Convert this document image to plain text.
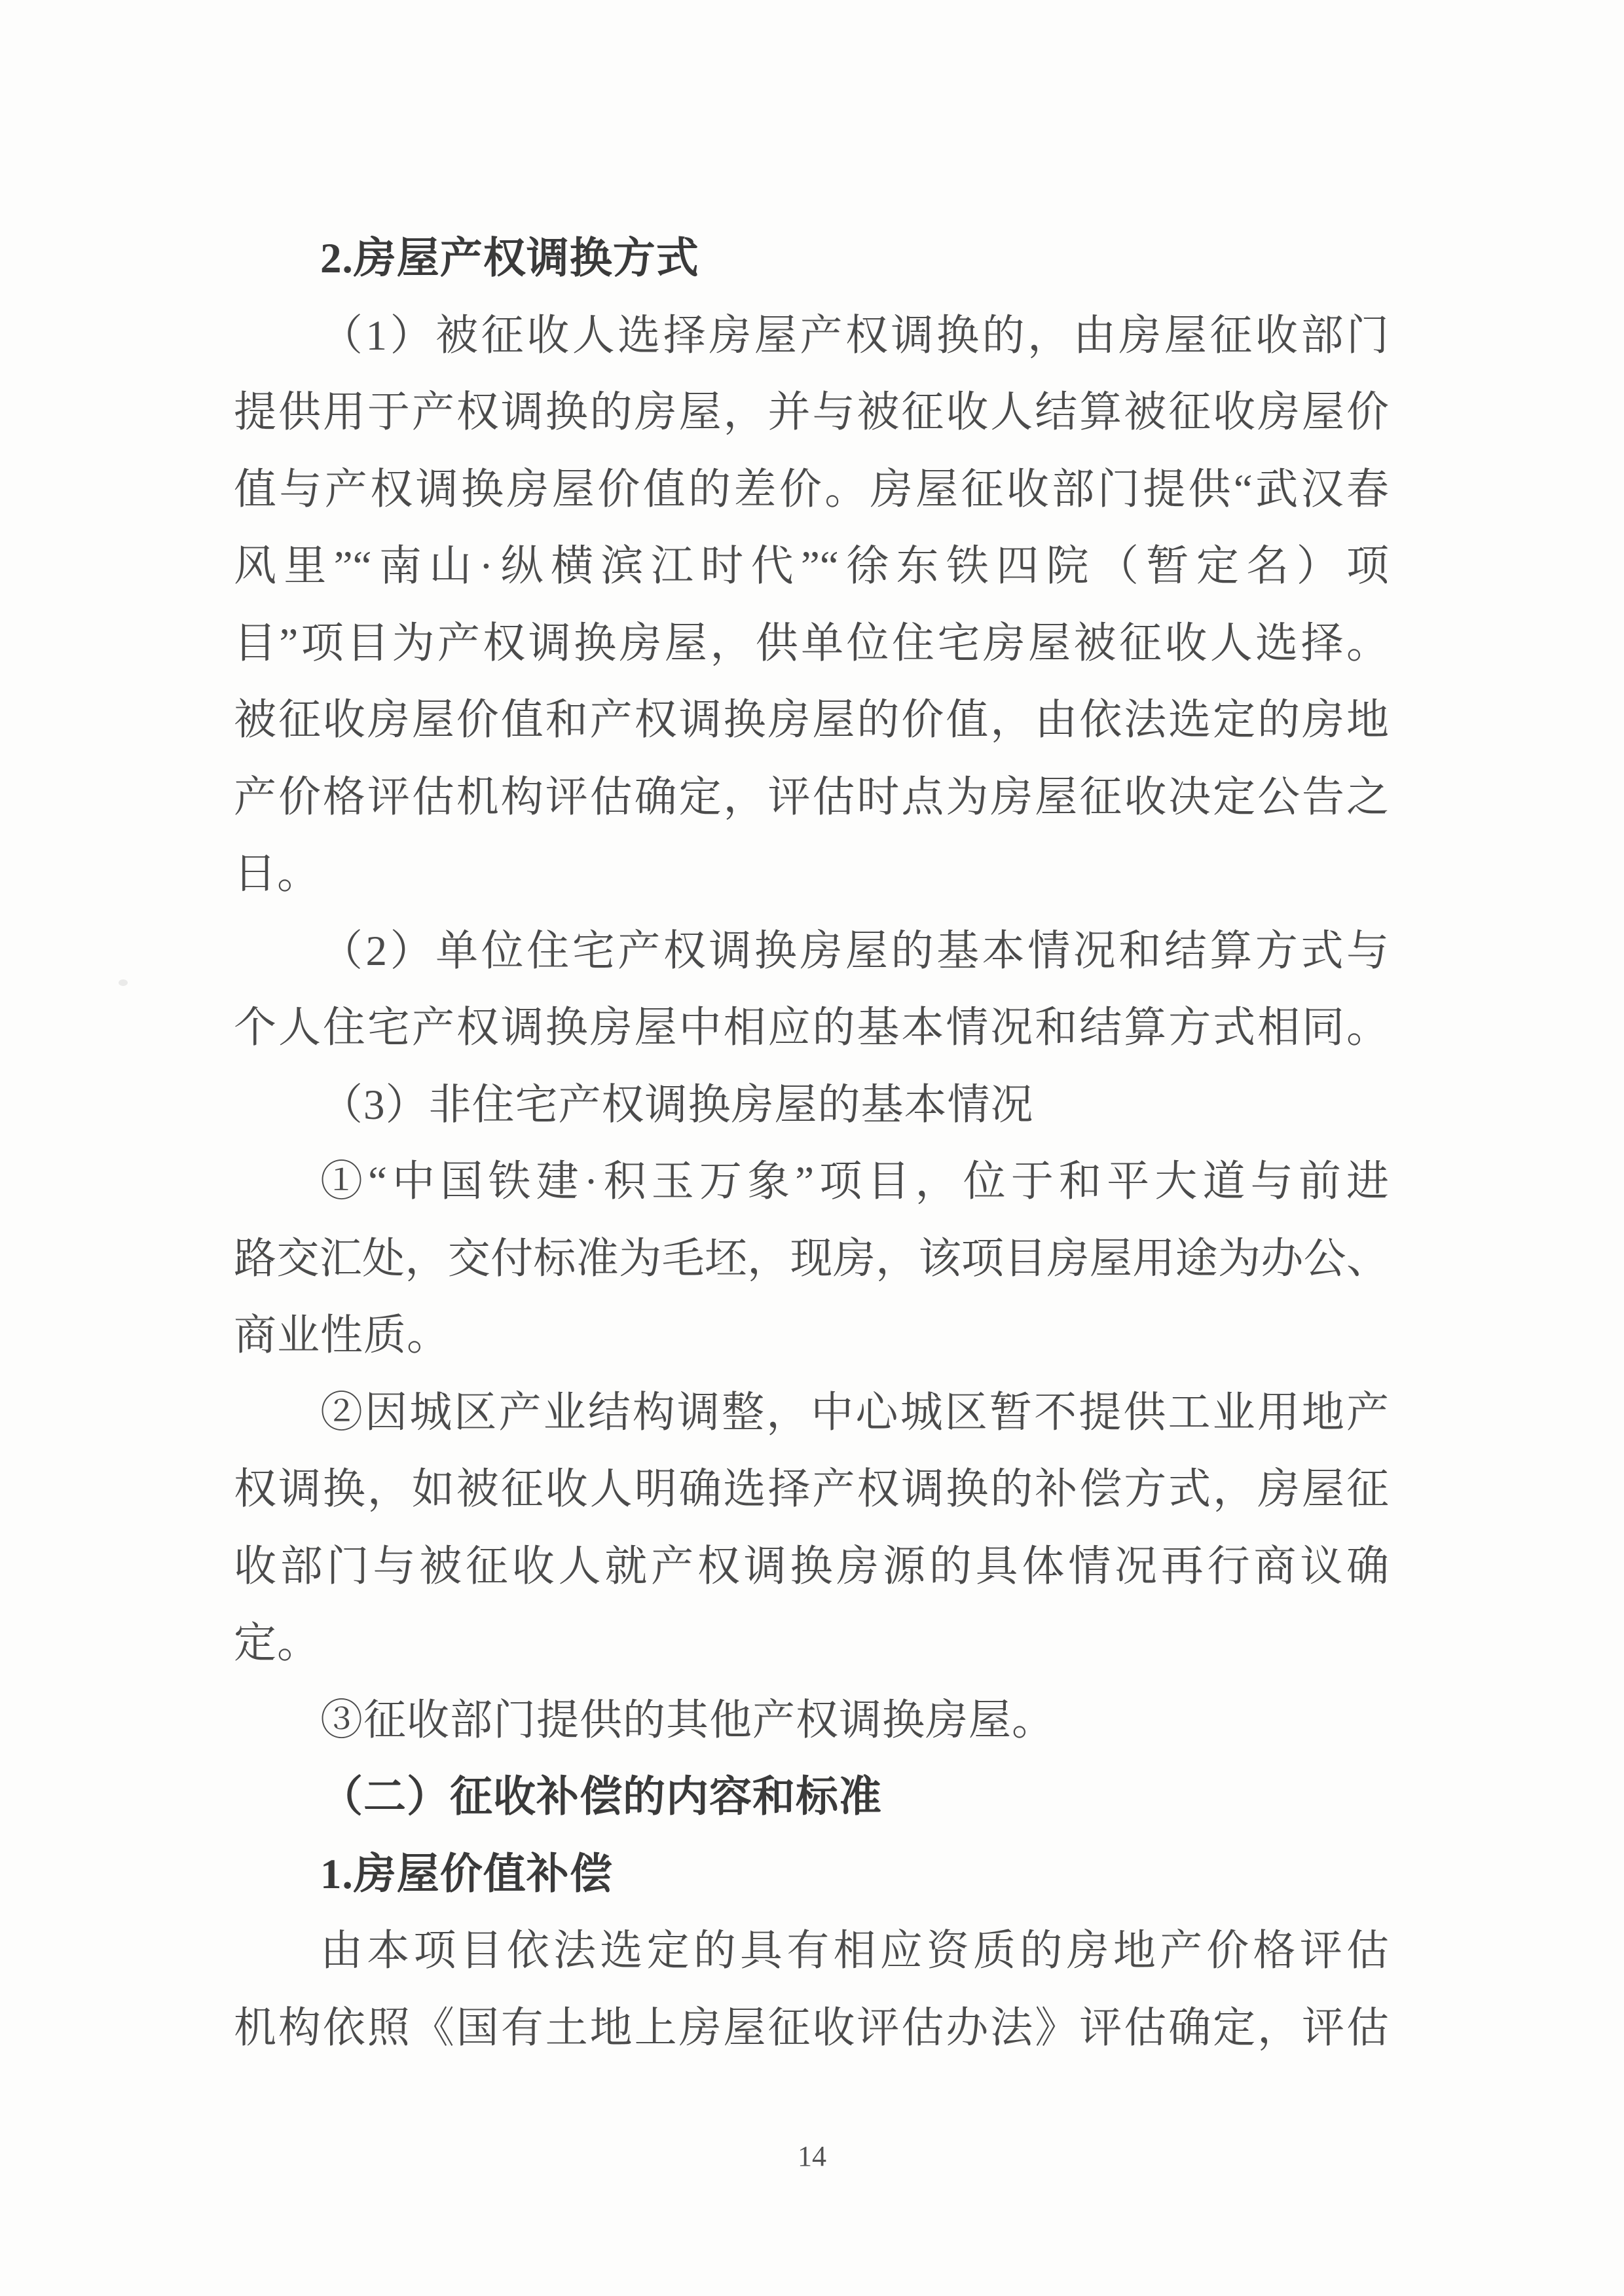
2.房屋产权调换方式
（1）被征收人选择房屋产权调换的，由房屋征收部门
提供用于产权调换的房屋，并与被征收人结算被征收房屋价
值与产权调换房屋价值的差价。房屋征收部门提供“武汉春
风里”“南山·纵横滨江时代”“徐东铁四院（暂定名）项
目”项目为产权调换房屋，供单位住宅房屋被征收人选择。
被征收房屋价值和产权调换房屋的价值，由依法选定的房地
产价格评估机构评估确定，评估时点为房屋征收决定公告之
日。
（2）单位住宅产权调换房屋的基本情况和结算方式与
个人住宅产权调换房屋中相应的基本情况和结算方式相同。
（3）非住宅产权调换房屋的基本情况
①“中国铁建·积玉万象”项目，位于和平大道与前进
路交汇处，交付标准为毛坯，现房，该项目房屋用途为办公、
商业性质。
②因城区产业结构调整，中心城区暂不提供工业用地产
权调换，如被征收人明确选择产权调换的补偿方式，房屋征
收部门与被征收人就产权调换房源的具体情况再行商议确
定。
③征收部门提供的其他产权调换房屋。
（二）征收补偿的内容和标准
1.房屋价值补偿
由本项目依法选定的具有相应资质的房地产价格评估
机构依照《国有土地上房屋征收评估办法》评估确定，评估
14
